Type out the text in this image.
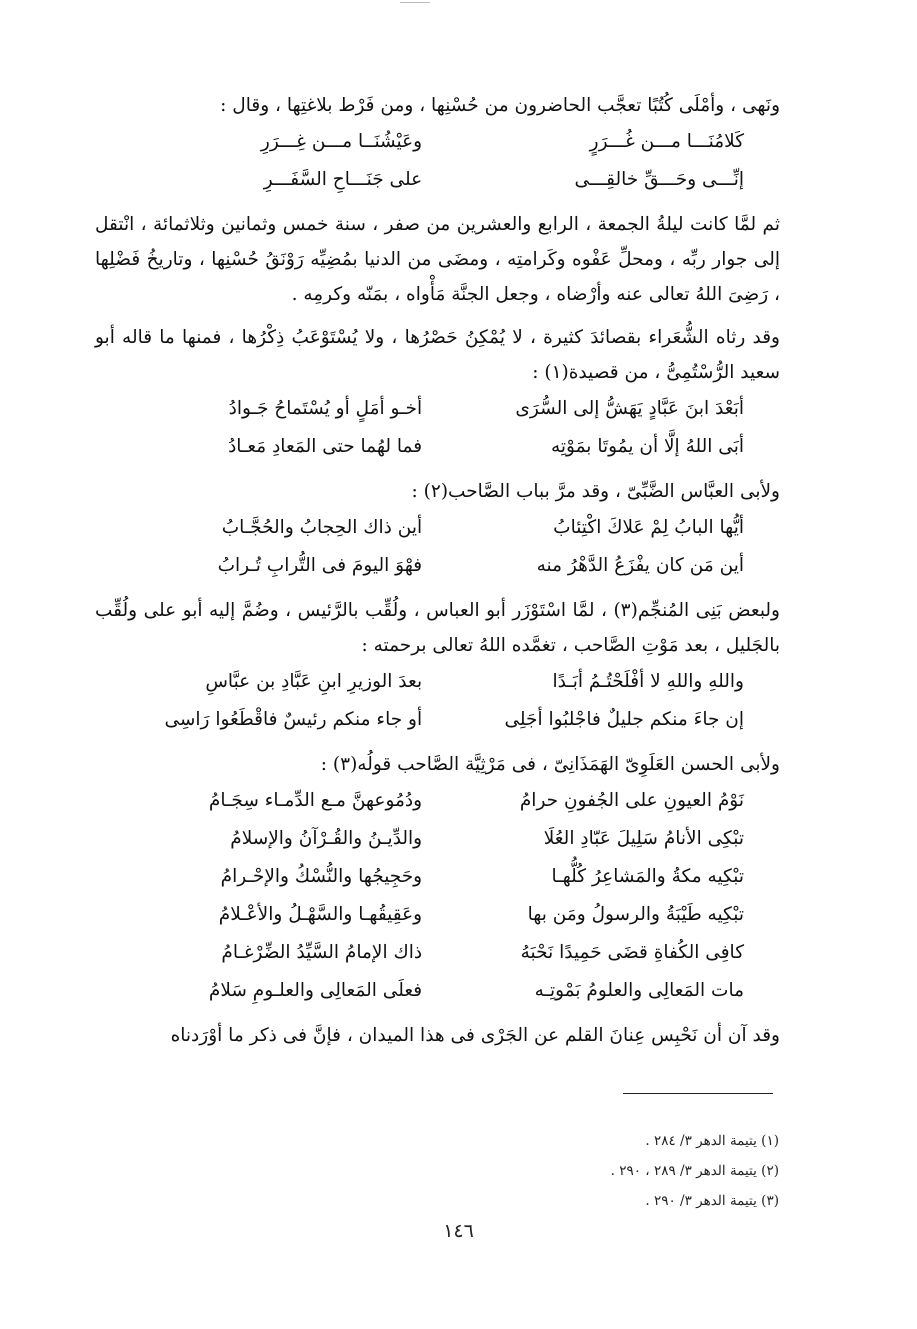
ونَهى ، وأمْلَى كُتُبًا تعجَّب الحاضرون من حُسْنِها ، ومن فَرْط بلاغتِها ، وقال :

كَلامُنَـــا مـــن غُـــرَرٍ
وعَيْشُنَــا مـــن غِـــرَرِ
إنِّـــى وحَـــقِّ خالقِـــى
على جَنَـــاحِ السَّفَـــرِ

ثم لمَّا كانت ليلةُ الجمعة ، الرابع والعشرين من صفر ، سنة خمس وثمانين وثلاثمائة ، انْتقل إلى جوار ربِّه ، ومحلِّ عَفْوه وكَرامتِه ، ومضَى من الدنيا بمُضِيِّه رَوْنَقُ حُسْنِها ، وتاريخُ فَضْلِها ، رَضِىَ اللهُ تعالى عنه وأرْضاه ، وجعل الجنَّة مَأْواه ، بمَنّه وكرمِه .

وقد رثاه الشُّعَراء بقصائدَ كثيرة ، لا يُمْكِنُ حَصْرُها ، ولا يُسْتَوْعَبُ ذِكْرُها ، فمنها ما قاله أبو سعيد الرُّسْتُمِىُّ ، من قصيدة(١) :

أبَعْدَ ابنَ عَبَّادٍ يَهَشُّ إلى السُّرَى
أخـو أمَلٍ أو يُسْتَماحُ جَـوادُ
أبَى اللهُ إلَّا أن يمُوتَا بمَوْتِه
فما لهُما حتى المَعادِ مَعـادُ

ولأبى العبَّاس الضَّبِّىّ ، وقد مرَّ بباب الصَّاحب(٢) :

أيُّها البابُ لِمْ عَلاكَ اكْتِئابُ
أين ذاك الحِجابُ والحُجَّـابُ
أين مَن كان يفْزَعُ الدَّهْرُ منه
فهْوَ اليومَ فى التُّرابِ تُـرابُ

ولبعض بَنِى المُنجِّم(٣) ، لمَّا اسْتَوْزَر أبو العباس ، ولُقِّب بالرَّئيس ، وضُمَّ إليه أبو على ولُقِّب بالجَليل ، بعد مَوْتِ الصَّاحب ، تغمَّده اللهُ تعالى برحمته :

واللهِ واللهِ لا أفْلَحْتُـمُ أبَـدًا
بعدَ الوزيرِ ابنِ عَبَّادِ بن عبَّاسِ
إن جاءَ منكم جليلٌ فاجْلبُوا أجَلِى
أو جاء منكم رئيسٌ فاقْطَعُوا رَاسِى

ولأبى الحسن العَلَوِىّ الهَمَذَانِىّ ، فى مَرْثِيَّة الصَّاحب قولُه(٣) :

نَوْمُ العيونِ على الجُفونِ حرامُ
ودُمُوعهنَّ مـع الدِّمـاء سِجَـامُ
تبْكِى الأنامُ سَلِيلَ عَبّادِ العُلَا
والدِّيـنُ والقُـرْآنُ والإسلامُ
تبْكِيه مكةُ والمَشاعِرُ كُلُّهـا
وحَجِيجُها والنُّسْكُ والإحْـرامُ
تبْكِيه طَيْبَةُ والرسولُ ومَن بها
وعَقِيقُهـا والسَّهْـلُ والأعْـلامُ
كافِى الكُفاةِ قضَى حَمِيدًا نَحْبَهُ
ذاك الإمامُ السَّيِّدُ الضِّرْغـامُ
مات المَعالِى والعلومُ بَمْوتِـه
فعلَى المَعالِى والعلـومِ سَلامُ

وقد آن أن نَحْبِس عِنانَ القلم عن الجَرْى فى هذا الميدان ، فإنَّ فى ذكر ما أوْرَدناه

(١) يتيمة الدهر ٣/ ٢٨٤ .
(٢) يتيمة الدهر ٣/ ٢٨٩ ، ٢٩٠ .
(٣) يتيمة الدهر ٣/ ٢٩٠ .
١٤٦
